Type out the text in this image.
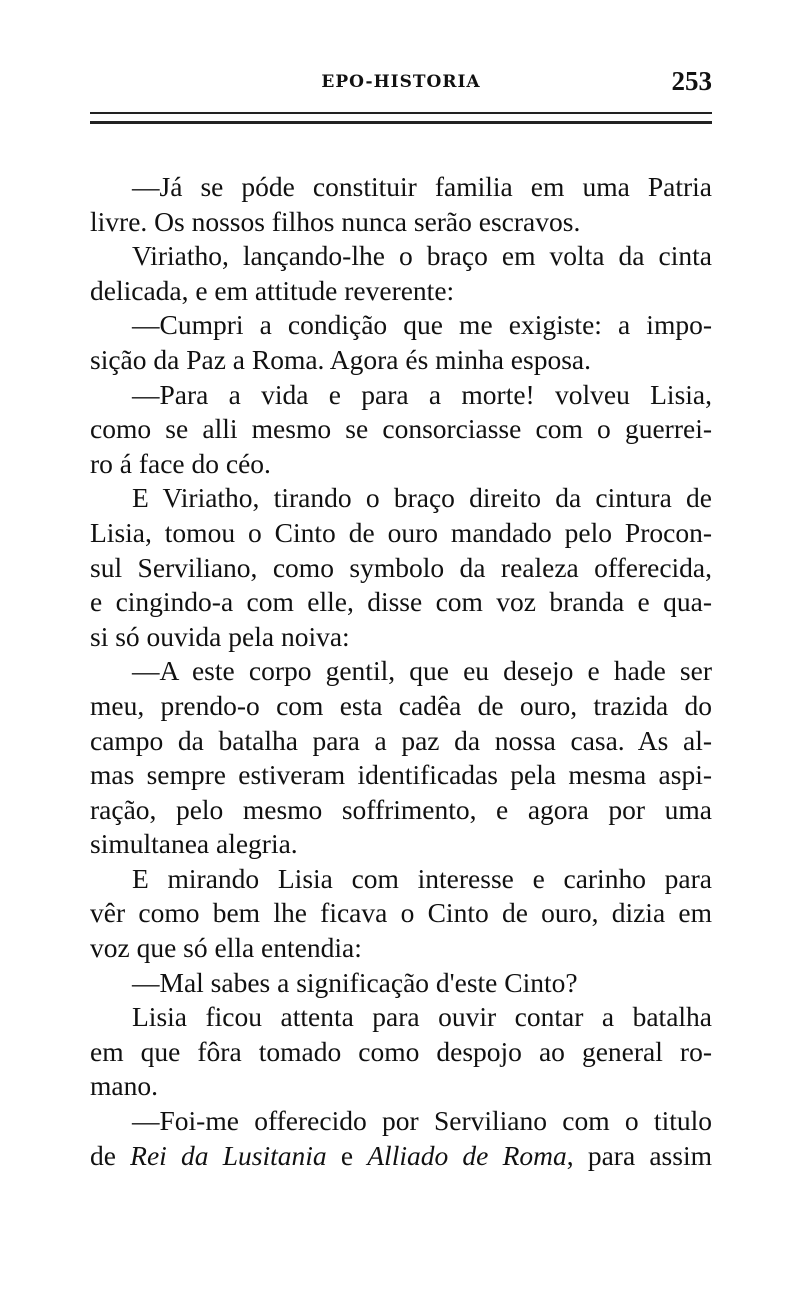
EPO-HISTORIA	253
—Já se póde constituir familia em uma Patria
livre. Os nossos filhos nunca serão escravos.
Viriatho, lançando-lhe o braço em volta da cinta
delicada, e em attitude reverente:
—Cumpri a condição que me exigiste: a impo-
sição da Paz a Roma. Agora és minha esposa.
—Para a vida e para a morte! volveu Lisia,
como se alli mesmo se consorciasse com o guerrei-
ro á face do céo.
E Viriatho, tirando o braço direito da cintura de
Lisia, tomou o Cinto de ouro mandado pelo Procon-
sul Serviliano, como symbolo da realeza offerecida,
e cingindo-a com elle, disse com voz branda e qua-
si só ouvida pela noiva:
—A este corpo gentil, que eu desejo e hade ser
meu, prendo-o com esta cadêa de ouro, trazida do
campo da batalha para a paz da nossa casa. As al-
mas sempre estiveram identificadas pela mesma aspi-
ração, pelo mesmo soffrimento, e agora por uma
simultanea alegria.
E mirando Lisia com interesse e carinho para
vêr como bem lhe ficava o Cinto de ouro, dizia em
voz que só ella entendia:
—Mal sabes a significação d'este Cinto?
Lisia ficou attenta para ouvir contar a batalha
em que fôra tomado como despojo ao general ro-
mano.
—Foi-me offerecido por Serviliano com o titulo
de Rei da Lusitania e Alliado de Roma, para assim
